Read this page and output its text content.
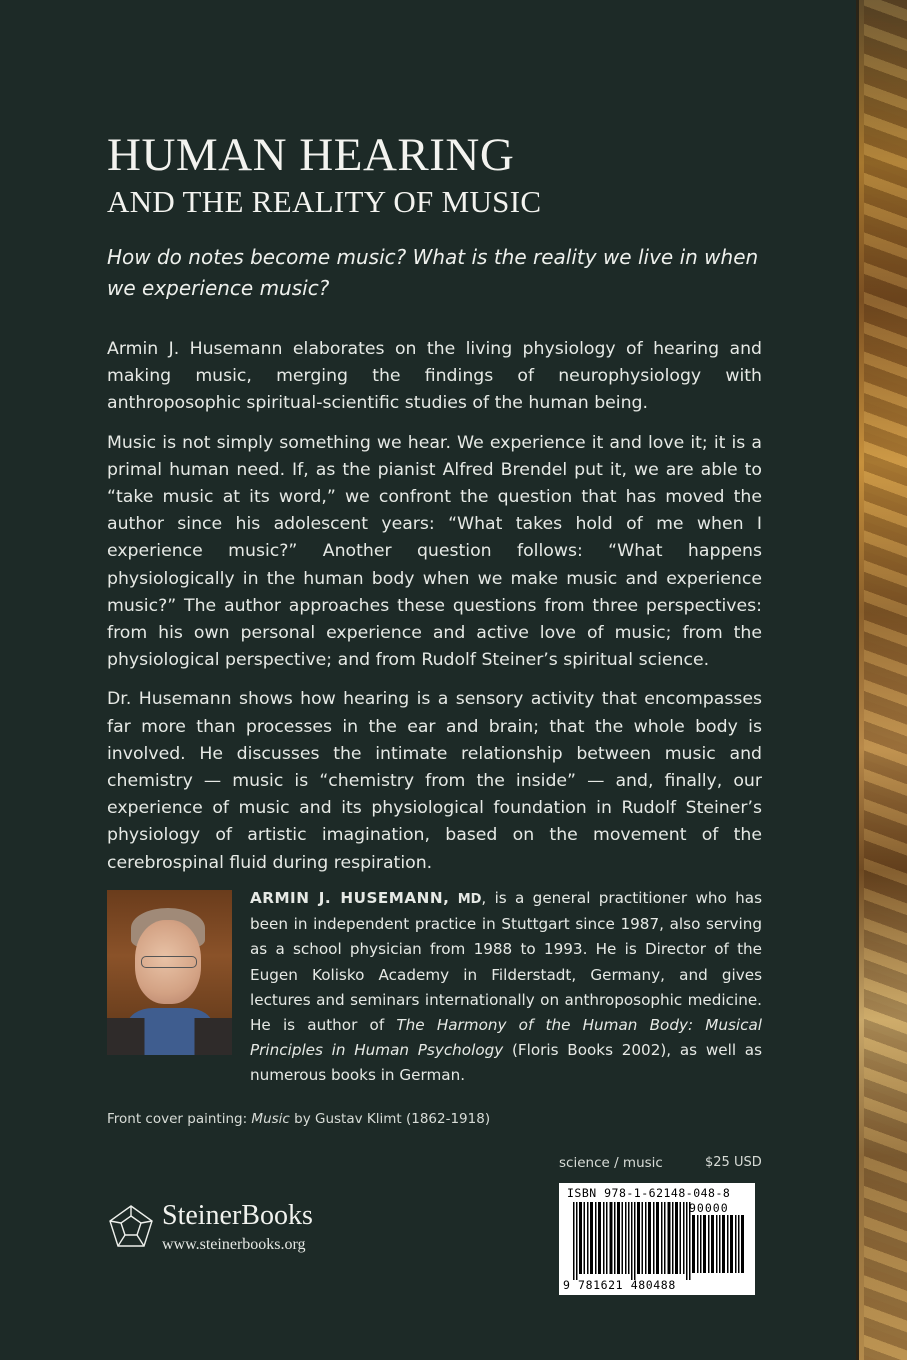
HUMAN HEARING
AND THE REALITY OF MUSIC
How do notes become music? What is the reality we live in when we experience music?

Armin J. Husemann elaborates on the living physiology of hearing and making music, merging the findings of neurophysiology with anthroposophic spiritual-scientific studies of the human being.

Music is not simply something we hear. We experience it and love it; it is a primal human need. If, as the pianist Alfred Brendel put it, we are able to “take music at its word,” we confront the question that has moved the author since his adolescent years: “What takes hold of me when I experience music?” Another question follows: “What happens physiologically in the human body when we make music and experience music?” The author approaches these questions from three perspectives: from his own personal experience and active love of music; from the physiological perspective; and from Rudolf Steiner’s spiritual science.

Dr. Husemann shows how hearing is a sensory activity that encompasses far more than processes in the ear and brain; that the whole body is involved. He discusses the intimate relationship between music and chemistry — music is “chemistry from the inside” — and, finally, our experience of music and its physiological foundation in Rudolf Steiner’s physiology of artistic imagination, based on the movement of the cerebrospinal fluid during respiration.

ARMIN J. HUSEMANN, MD, is a general practitioner who has been in independent practice in Stuttgart since 1987, also serving as a school physician from 1988 to 1993. He is Director of the Eugen Kolisko Academy in Filderstadt, Germany, and gives lectures and seminars internationally on anthroposophic medicine. He is author of The Harmony of the Human Body: Musical Principles in Human Psychology (Floris Books 2002), as well as numerous books in German.
Front cover painting: Music by Gustav Klimt (1862-1918)
science / music	$25 USD
ISBN 978-1-62148-048-8
90000
9 781621 480488
SteinerBooks
www.steinerbooks.org
